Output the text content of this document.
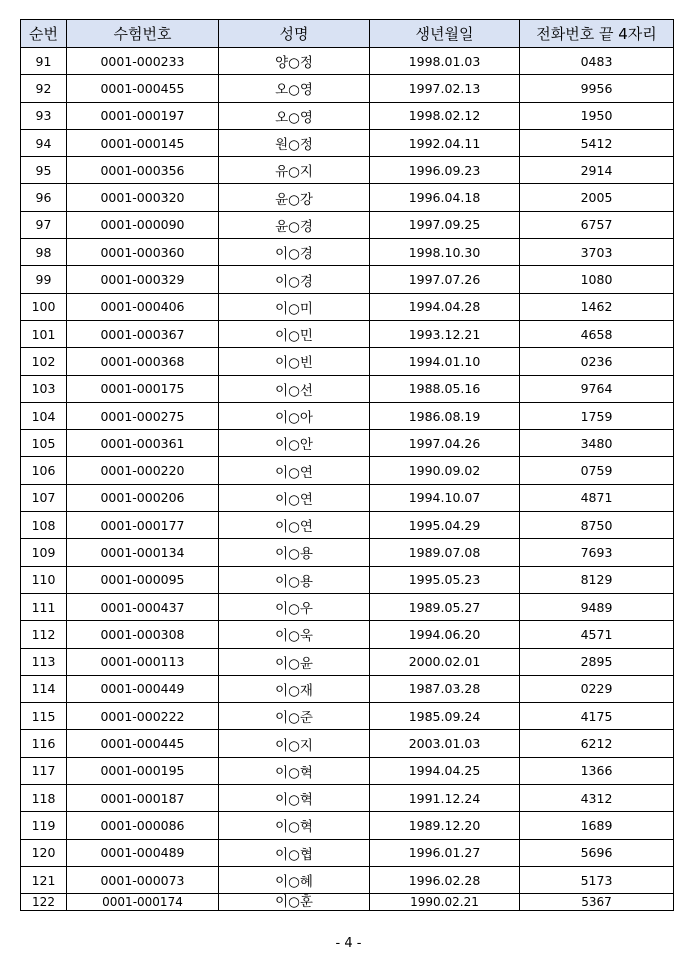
순번	수험번호	성명	생년월일	전화번호 끝 4자리
91	0001-000233	양○정	1998.01.03	0483
92	0001-000455	오○영	1997.02.13	9956
93	0001-000197	오○영	1998.02.12	1950
94	0001-000145	원○정	1992.04.11	5412
95	0001-000356	유○지	1996.09.23	2914
96	0001-000320	윤○강	1996.04.18	2005
97	0001-000090	윤○경	1997.09.25	6757
98	0001-000360	이○경	1998.10.30	3703
99	0001-000329	이○경	1997.07.26	1080
100	0001-000406	이○미	1994.04.28	1462
101	0001-000367	이○민	1993.12.21	4658
102	0001-000368	이○빈	1994.01.10	0236
103	0001-000175	이○선	1988.05.16	9764
104	0001-000275	이○아	1986.08.19	1759
105	0001-000361	이○안	1997.04.26	3480
106	0001-000220	이○연	1990.09.02	0759
107	0001-000206	이○연	1994.10.07	4871
108	0001-000177	이○연	1995.04.29	8750
109	0001-000134	이○용	1989.07.08	7693
110	0001-000095	이○용	1995.05.23	8129
111	0001-000437	이○우	1989.05.27	9489
112	0001-000308	이○욱	1994.06.20	4571
113	0001-000113	이○윤	2000.02.01	2895
114	0001-000449	이○재	1987.03.28	0229
115	0001-000222	이○준	1985.09.24	4175
116	0001-000445	이○지	2003.01.03	6212
117	0001-000195	이○혁	1994.04.25	1366
118	0001-000187	이○혁	1991.12.24	4312
119	0001-000086	이○혁	1989.12.20	1689
120	0001-000489	이○협	1996.01.27	5696
121	0001-000073	이○혜	1996.02.28	5173
122	0001-000174	이○훈	1990.02.21	5367
- 4 -
